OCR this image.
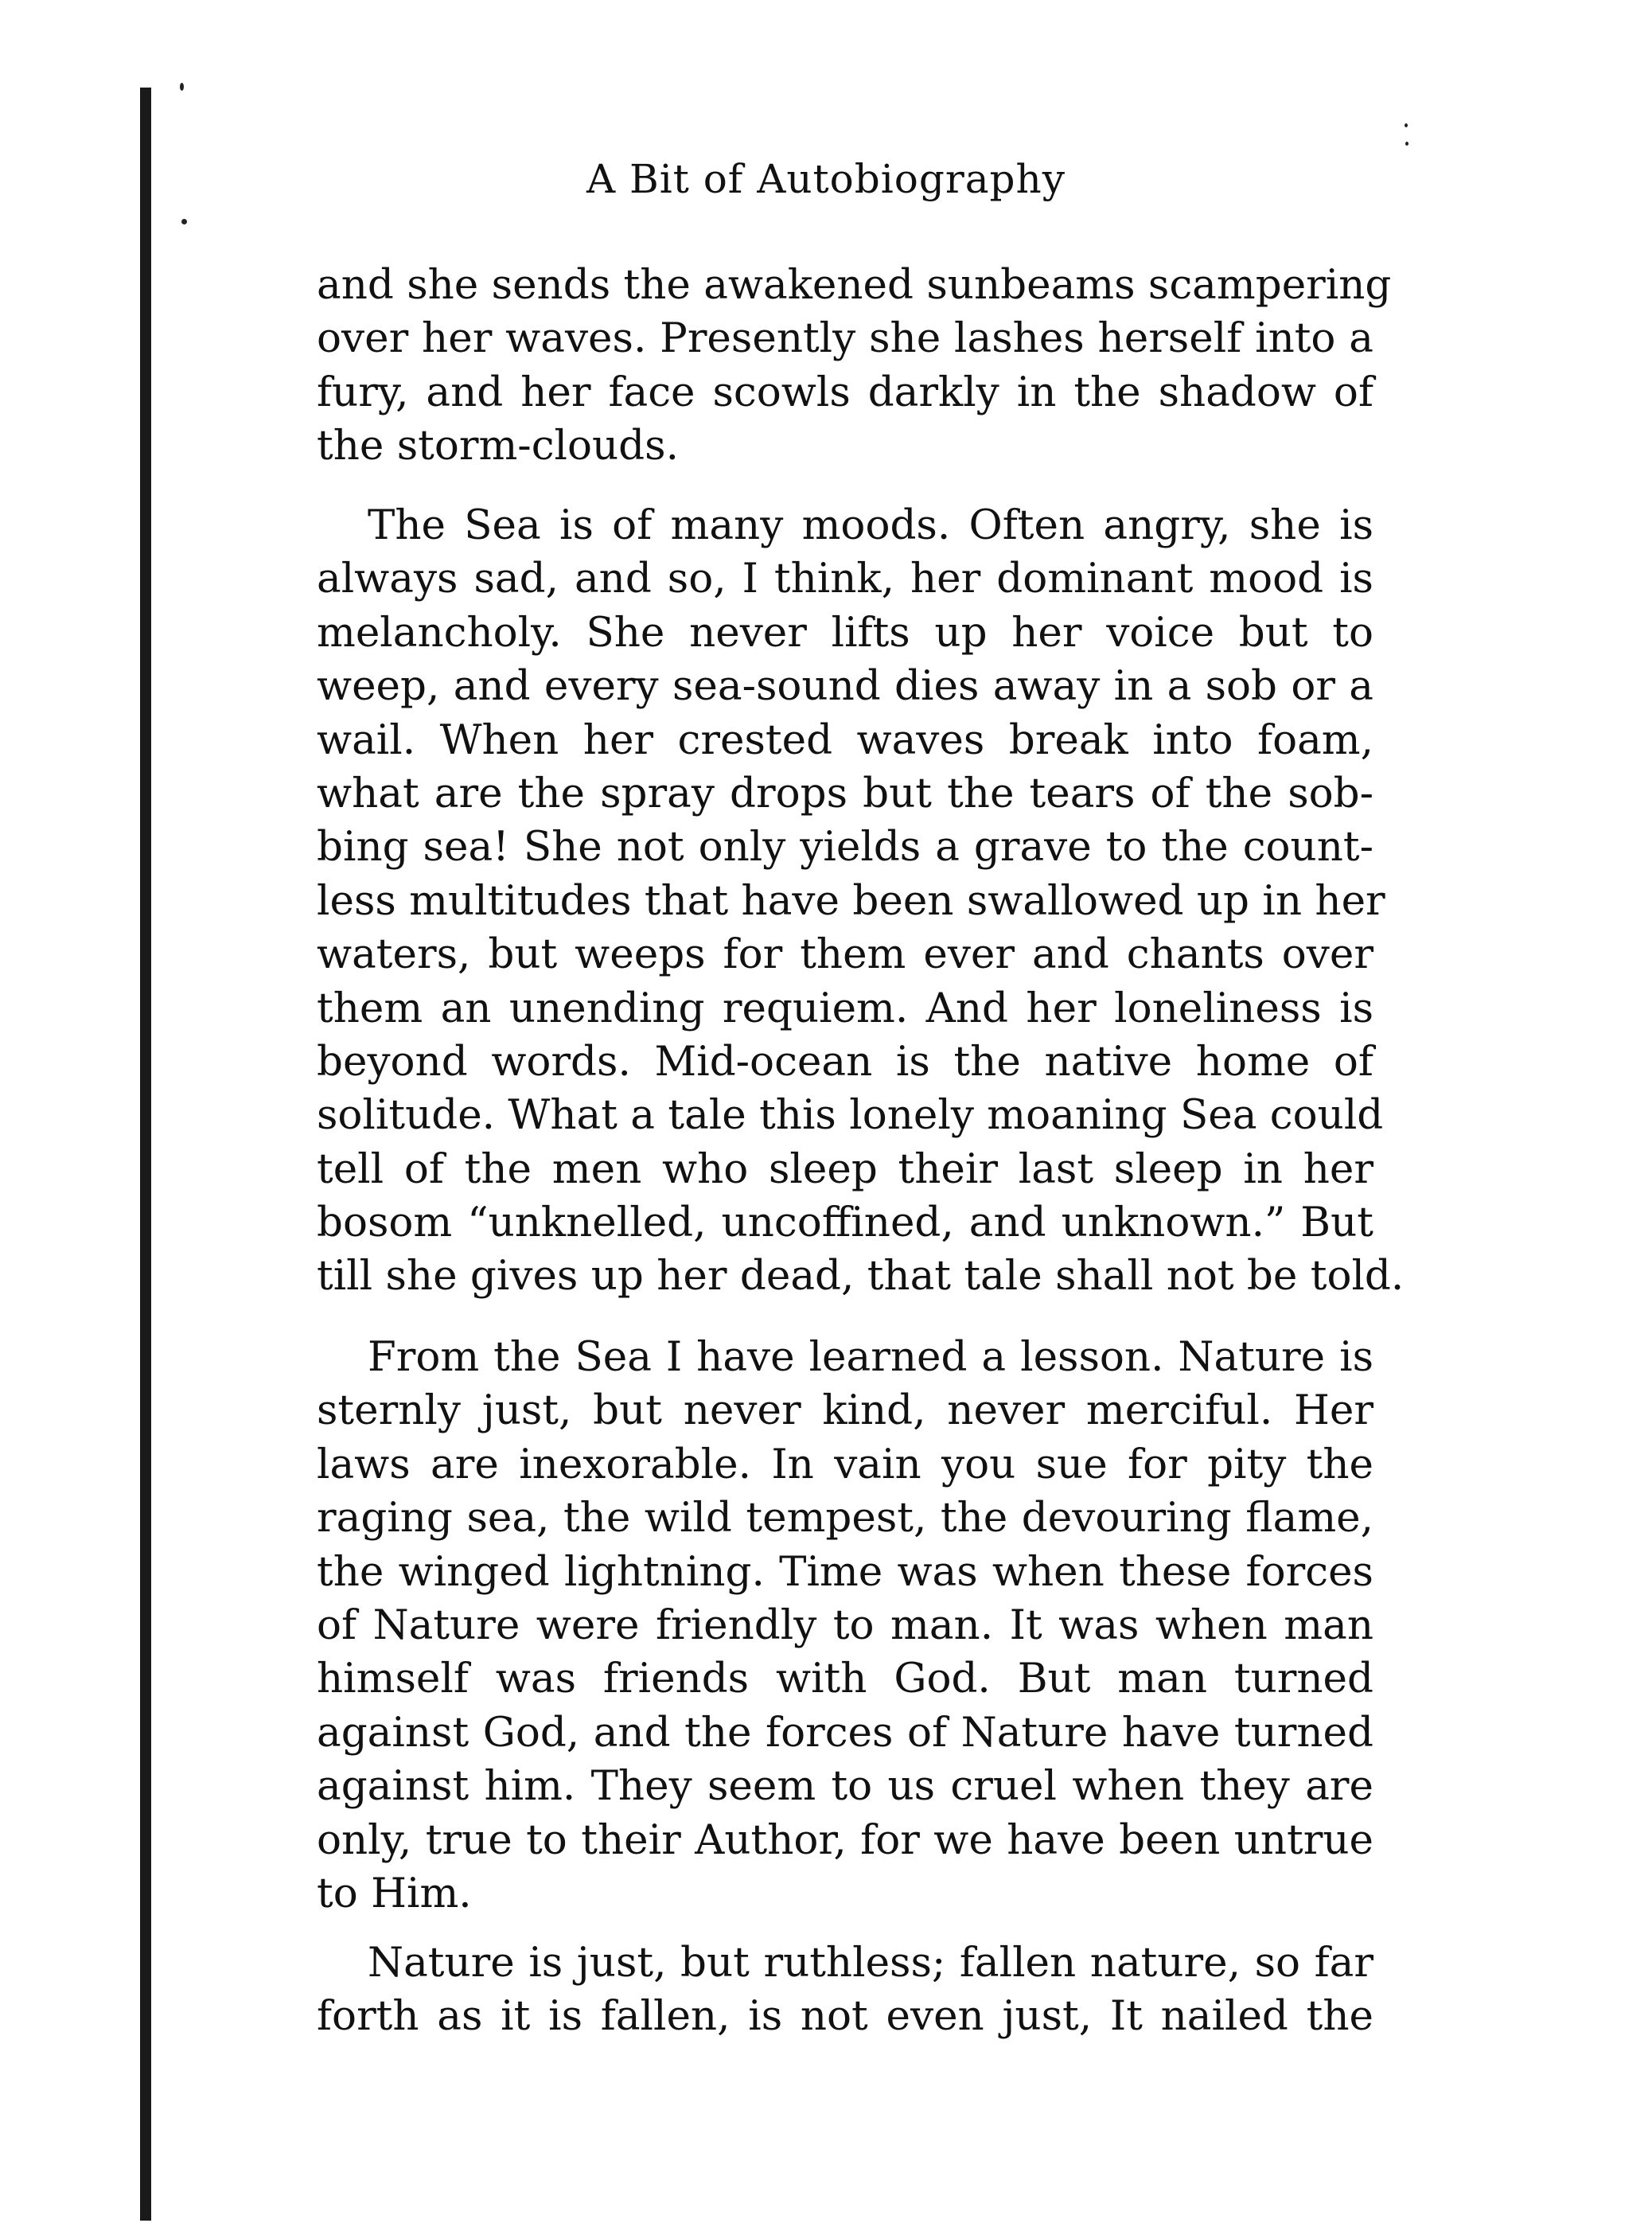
A Bit of Autobiography
and she sends the awakened sunbeams scampering
over her waves. Presently she lashes herself into a
fury, and her face scowls darkly in the shadow of
the storm-clouds.
The Sea is of many moods. Often angry, she is
always sad, and so, I think, her dominant mood is
melancholy. She never lifts up her voice but to
weep, and every sea-sound dies away in a sob or a
wail. When her crested waves break into foam,
what are the spray drops but the tears of the sob-
bing sea! She not only yields a grave to the count-
less multitudes that have been swallowed up in her
waters, but weeps for them ever and chants over
them an unending requiem. And her loneliness is
beyond words. Mid-ocean is the native home of
solitude. What a tale this lonely moaning Sea could
tell of the men who sleep their last sleep in her
bosom “unknelled, uncoffined, and unknown.” But
till she gives up her dead, that tale shall not be told.
From the Sea I have learned a lesson. Nature is
sternly just, but never kind, never merciful. Her
laws are inexorable. In vain you sue for pity the
raging sea, the wild tempest, the devouring flame,
the winged lightning. Time was when these forces
of Nature were friendly to man. It was when man
himself was friends with God. But man turned
against God, and the forces of Nature have turned
against him. They seem to us cruel when they are
only, true to their Author, for we have been untrue
to Him.
Nature is just, but ruthless; fallen nature, so far
forth as it is fallen, is not even just, It nailed the
